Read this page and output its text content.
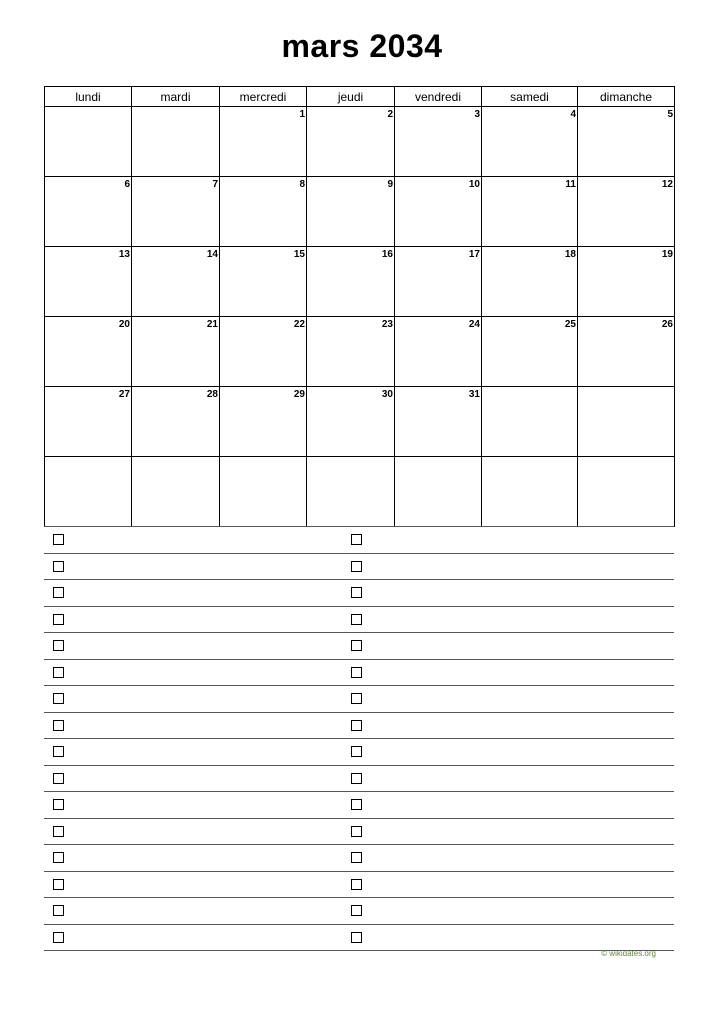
mars 2034
lundi	mardi	mercredi	jeudi	vendredi	samedi	dimanche
		1	2	3	4	5
6	7	8	9	10	11	12
13	14	15	16	17	18	19
20	21	22	23	24	25	26
27	28	29	30	31		

© wikidates.org
